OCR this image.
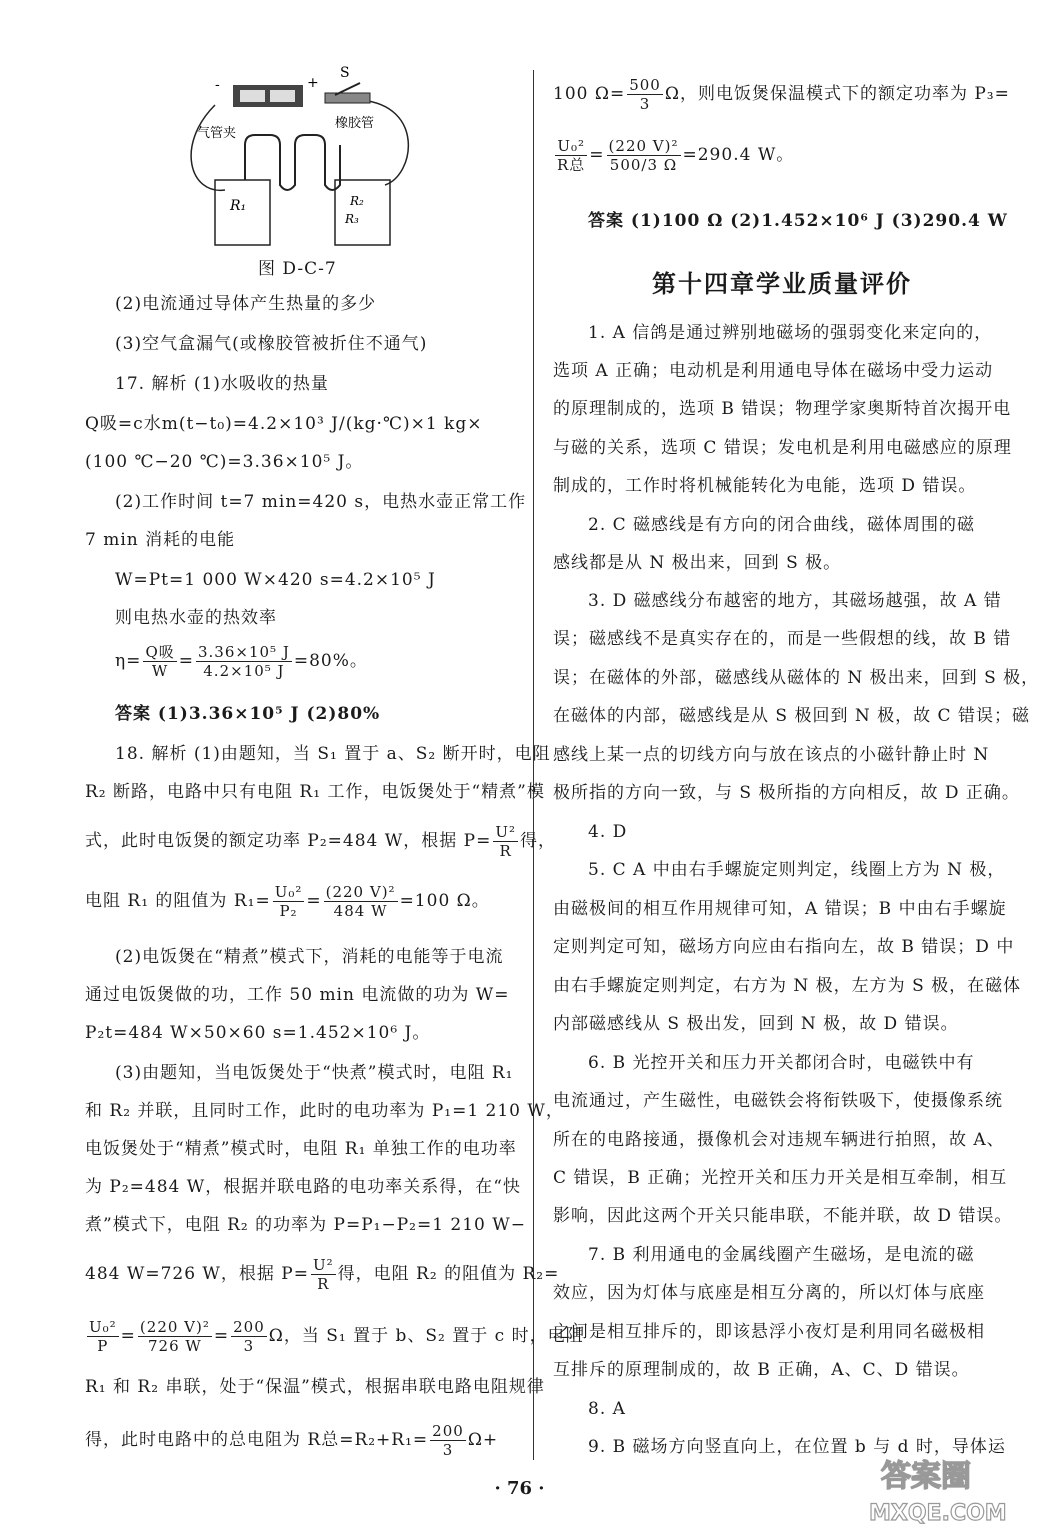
-	+
S
气管夹
橡胶管
R₁	R₂
R₃
图 D-C-7
(2)电流通过导体产生热量的多少
(3)空气盒漏气(或橡胶管被折住不通气)
17. 解析 (1)水吸收的热量
Q吸=c水m(t−t₀)=4.2×10³ J/(kg·℃)×1 kg×
(100 ℃−20 ℃)=3.36×10⁵ J。
(2)工作时间 t=7 min=420 s，电热水壶正常工作
7 min 消耗的电能
W=Pt=1 000 W×420 s=4.2×10⁵ J
则电热水壶的热效率
$\eta= \frac{\text{Q吸}}{W} = \frac{\text{3.36×10⁵ J}}{\text{4.2×10⁵ J}} =80\%$。
答案 (1)3.36×10⁵ J (2)80%
18. 解析 (1)由题知，当 S₁ 置于 a、S₂ 断开时，电阻
R₂ 断路，电路中只有电阻 R₁ 工作，电饭煲处于“精煮”模
式，此时电饭煲的额定功率 P₂=484 W，根据 $P= \frac{\text{U²}}{R}$ 得，
电阻 R₁ 的阻值为 $R_1= \frac{\text{U₀²}}{\text{P₂}} = \frac{\text{(220 V)²}}{484 W} =100$ Ω。
(2)电饭煲在“精煮”模式下，消耗的电能等于电流
通过电饭煲做的功，工作 50 min 电流做的功为 W=
P₂t=484 W×50×60 s=1.452×10⁶ J。
(3)由题知，当电饭煲处于“快煮”模式时，电阻 R₁
和 R₂ 并联，且同时工作，此时的电功率为 P₁=1 210 W，
电饭煲处于“精煮”模式时，电阻 R₁ 单独工作的电功率
为 P₂=484 W，根据并联电路的电功率关系得，在“快
煮”模式下，电阻 R₂ 的功率为 P=P₁−P₂=1 210 W−
484 W=726 W，根据 $P= \frac{\text{U²}}{R}$ 得，电阻 R₂ 的阻值为 R₂=
$\frac{\text{U₀²}}{P} = \frac{\text{(220 V)²}}{726 W} = \frac{200}{3}$ Ω，当 S₁ 置于 b、S₂ 置于 c 时，电阻
R₁ 和 R₂ 串联，处于“保温”模式，根据串联电路电阻规律
得，此时电路中的总电阻为 R总$=R_2+R_1= \frac{200}{3} \Omega+$
100 $\Omega= \frac{500}{3}$ Ω，则电饭煲保温模式下的额定功率为 P₃=
$\frac{\text{U₀²}}{\text{R总}} = \frac{\text{(220 V)²}}{500/3 \Omega} =290.4$ W。
答案 (1)100 Ω (2)1.452×10⁶ J (3)290.4 W
第十四章学业质量评价
1. A 信鸽是通过辨别地磁场的强弱变化来定向的，
选项 A 正确；电动机是利用通电导体在磁场中受力运动
的原理制成的，选项 B 错误；物理学家奥斯特首次揭开电
与磁的关系，选项 C 错误；发电机是利用电磁感应的原理
制成的，工作时将机械能转化为电能，选项 D 错误。
2. C 磁感线是有方向的闭合曲线，磁体周围的磁
感线都是从 N 极出来，回到 S 极。
3. D 磁感线分布越密的地方，其磁场越强，故 A 错
误；磁感线不是真实存在的，而是一些假想的线，故 B 错
误；在磁体的外部，磁感线从磁体的 N 极出来，回到 S 极，
在磁体的内部，磁感线是从 S 极回到 N 极，故 C 错误；磁
感线上某一点的切线方向与放在该点的小磁针静止时 N
极所指的方向一致，与 S 极所指的方向相反，故 D 正确。
4. D
5. C A 中由右手螺旋定则判定，线圈上方为 N 极，
由磁极间的相互作用规律可知，A 错误；B 中由右手螺旋
定则判定可知，磁场方向应由右指向左，故 B 错误；D 中
由右手螺旋定则判定，右方为 N 极，左方为 S 极，在磁体
内部磁感线从 S 极出发，回到 N 极，故 D 错误。
6. B 光控开关和压力开关都闭合时，电磁铁中有
电流通过，产生磁性，电磁铁会将衔铁吸下，使摄像系统
所在的电路接通，摄像机会对违规车辆进行拍照，故 A、
C 错误，B 正确；光控开关和压力开关是相互牵制，相互
影响，因此这两个开关只能串联，不能并联，故 D 错误。
7. B 利用通电的金属线圈产生磁场，是电流的磁
效应，因为灯体与底座是相互分离的，所以灯体与底座
之间是相互排斥的，即该悬浮小夜灯是利用同名磁极相
互排斥的原理制成的，故 B 正确，A、C、D 错误。
8. A
9. B 磁场方向竖直向上，在位置 b 与 d 时，导体运
· 76 ·	答案圈
MXQE.COM
